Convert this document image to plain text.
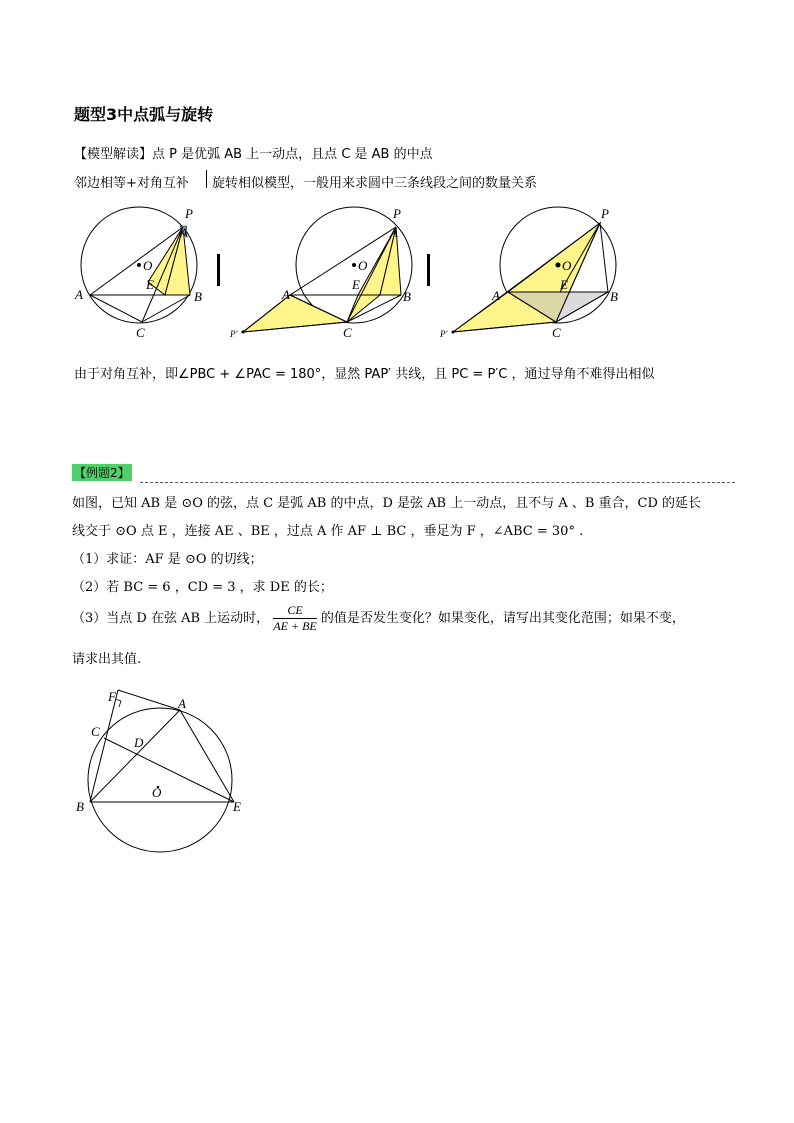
题型3中点弧与旋转
【模型解读】点 P 是优弧 AB 上一动点，且点 C 是 AB 的中点
邻边相等+对角互补 旋转相似模型，一般用来求圆中三条线段之间的数量关系
P
A
O
E
A	B
C
P
A
O
E
A	B
C
P'
P
O
E
A	B
C
P'
由于对角互补，即∠PBC + ∠PAC = 180°，显然 PAP′ 共线，且 PC = P′C ，通过导角不难得出相似
【例题2】
如图，已知 AB 是 ⊙O 的弦，点 C 是弧 AB 的中点，D 是弦 AB 上一动点，且不与 A 、B 重合，CD 的延长
线交于 ⊙O 点 E ，连接 AE 、BE ，过点 A 作 AF ⊥ BC ，垂足为 F ，∠ABC = 30° .
（1）求证：AF 是 ⊙O 的切线；
（2）若 BC = 6 ，CD = 3 ，求 DE 的长；
（3）当点 D 在弦 AB 上运动时， $\frac{CE}{AE + BE}$ 的值是否发生变化？如果变化，请写出其变化范围；如果不变，
请求出其值.
F	A
C
D
O
B	E
